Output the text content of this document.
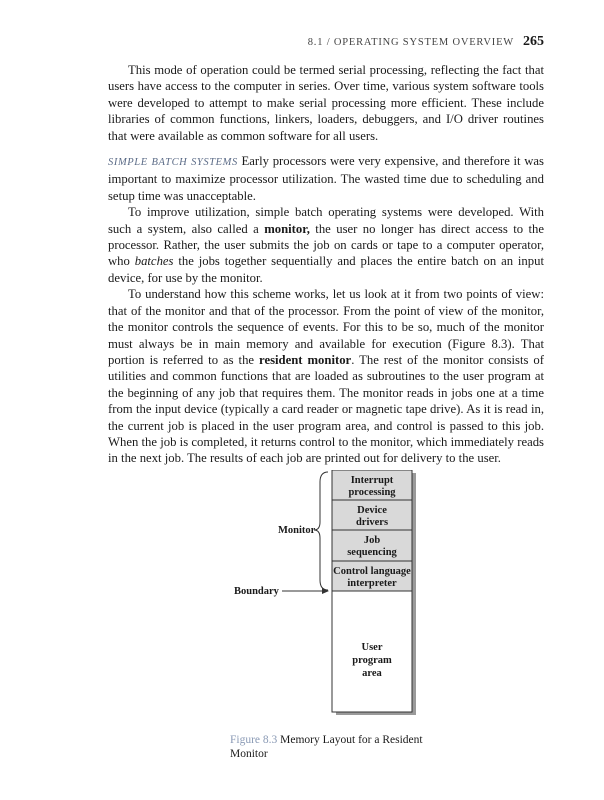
8.1 / OPERATING SYSTEM OVERVIEW 265

This mode of operation could be termed serial processing, reflecting the fact that users have access to the computer in series. Over time, various system software tools were developed to attempt to make serial processing more efficient. These include libraries of common functions, linkers, loaders, debuggers, and I/O driver routines that were available as common software for all users.

SIMPLE BATCH SYSTEMS Early processors were very expensive, and therefore it was important to maximize processor utilization. The wasted time due to scheduling and setup time was unacceptable.

To improve utilization, simple batch operating systems were developed. With such a system, also called a monitor, the user no longer has direct access to the processor. Rather, the user submits the job on cards or tape to a computer operator, who batches the jobs together sequentially and places the entire batch on an input device, for use by the monitor.

To understand how this scheme works, let us look at it from two points of view: that of the monitor and that of the processor. From the point of view of the monitor, the monitor controls the sequence of events. For this to be so, much of the monitor must always be in main memory and available for execution (Figure 8.3). That portion is referred to as the resident monitor. The rest of the monitor consists of utilities and common functions that are loaded as subroutines to the user program at the beginning of any job that requires them. The monitor reads in jobs one at a time from the input device (typically a card reader or magnetic tape drive). As it is read in, the current job is placed in the user program area, and control is passed to this job. When the job is completed, it returns control to the monitor, which immediately reads in the next job. The results of each job are printed out for delivery to the user.

Interrupt
processing
Device
drivers
Job
sequencing
Control language
interpreter
User
program
area
Monitor
Boundary
Figure 8.3 Memory Layout for a Resident Monitor
